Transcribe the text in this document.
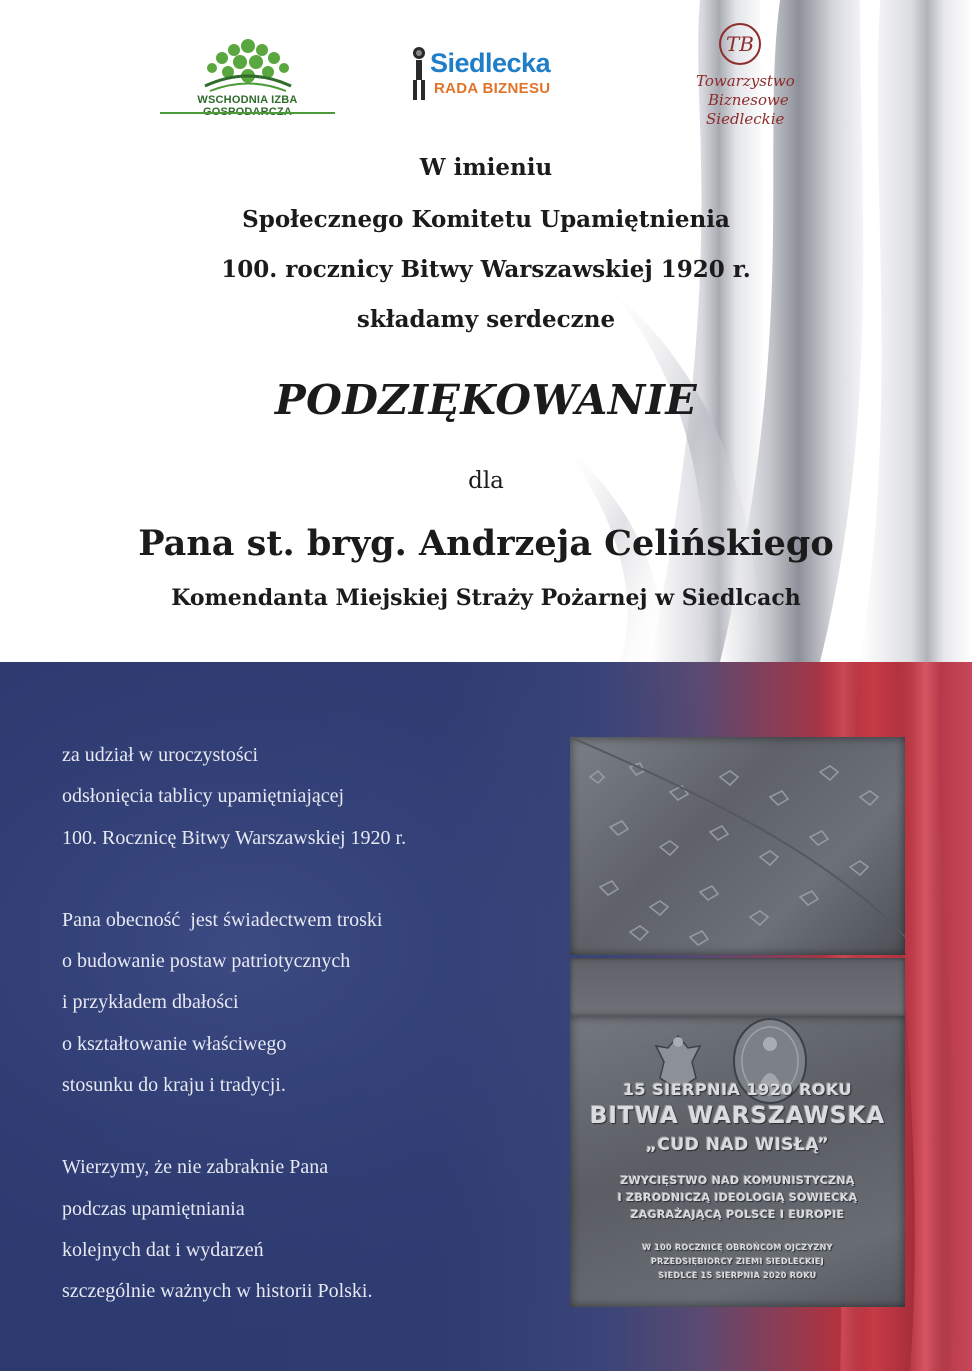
WSCHODNIA IZBA
Siedlecka
RADA BIZNESU
TB
Towarzystwo
Biznesowe
Siedleckie
W imieniu
Społecznego Komitetu Upamiętnienia
100. rocznicy Bitwy Warszawskiej 1920 r.
składamy serdeczne
PODZIĘKOWANIE
dla
Pana st. bryg. Andrzeja Celińskiego
Komendanta Miejskiej Straży Pożarnej w Siedlcach
za udział w uroczystości
odsłonięcia tablicy upamiętniającej
100. Rocznicę Bitwy Warszawskiej 1920 r.
Pana obecność  jest świadectwem troski
o budowanie postaw patriotycznych
i przykładem dbałości
o kształtowanie właściwego
stosunku do kraju i tradycji.
Wierzymy, że nie zabraknie Pana
podczas upamiętniania
kolejnych dat i wydarzeń
szczególnie ważnych w historii Polski.
15 SIERPNIA 1920 ROKU
BITWA WARSZAWSKA
„CUD NAD WISŁĄ”
ZWYCIĘSTWO NAD KOMUNISTYCZNĄ
I ZBRODNICZĄ IDEOLOGIĄ SOWIECKĄ
ZAGRAŻAJĄCĄ POLSCE I EUROPIE
W 100 ROCZNICĘ OBROŃCOM OJCZYZNY
PRZEDSIĘBIORCY ZIEMI SIEDLECKIEJ
SIEDLCE 15 SIERPNIA 2020 ROKU
